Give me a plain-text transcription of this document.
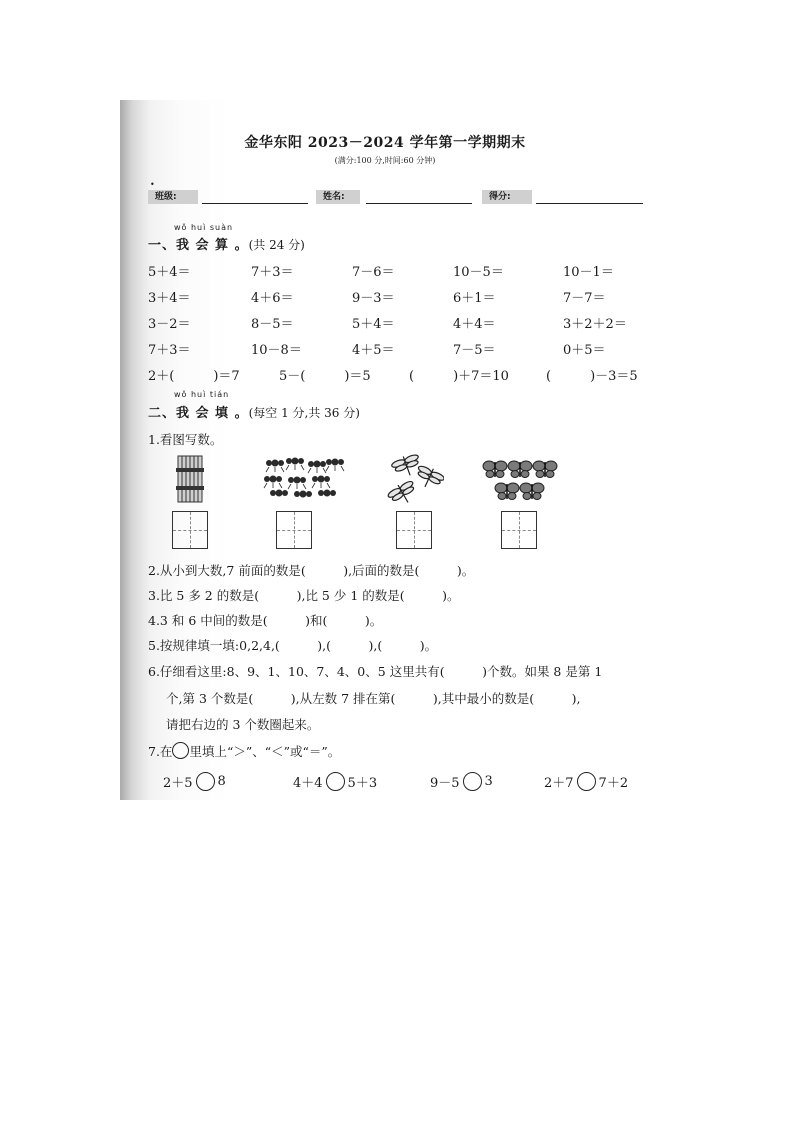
金华东阳 2023－2024 学年第一学期期末
(满分:100 分,时间:60 分钟)
•
班级:	姓名:	得分:
wǒ huì suàn
一、我 会 算 。(共 24 分)
5＋4＝	7＋3＝	7－6＝	10－5＝	10－1＝
3＋4＝	4＋6＝	9－3＝	6＋1＝	7－7＝
3－2＝	8－5＝	5＋4＝	4＋4＝	3＋2＋2＝
7＋3＝	10－8＝	4＋5＝	7－5＝	0＋5＝
2＋(　　　)＝7	5－(　　　)＝5	(　　　)＋7＝10	(　　　)－3＝5
wǒ huì tián
二、我 会 填 。(每空 1 分,共 36 分)
1.看图写数。
2.从小到大数,7 前面的数是(　　　),后面的数是(　　　)。
3.比 5 多 2 的数是(　　　),比 5 少 1 的数是(　　　)。
4.3 和 6 中间的数是(　　　)和(　　　)。
5.按规律填一填:0,2,4,(　　　),(　　　),(　　　)。
6.仔细看这里:8、9、1、10、7、4、0、5 这里共有(　　　)个数。如果 8 是第 1
个,第 3 个数是(　　　),从左数 7 排在第(　　　),其中最小的数是(　　　),
请把右边的 3 个数圈起来。
7.在 里填上“＞”、“＜”或“＝”。
2＋5 8	4＋4 5＋3	9－5 3	2＋7 7＋2
